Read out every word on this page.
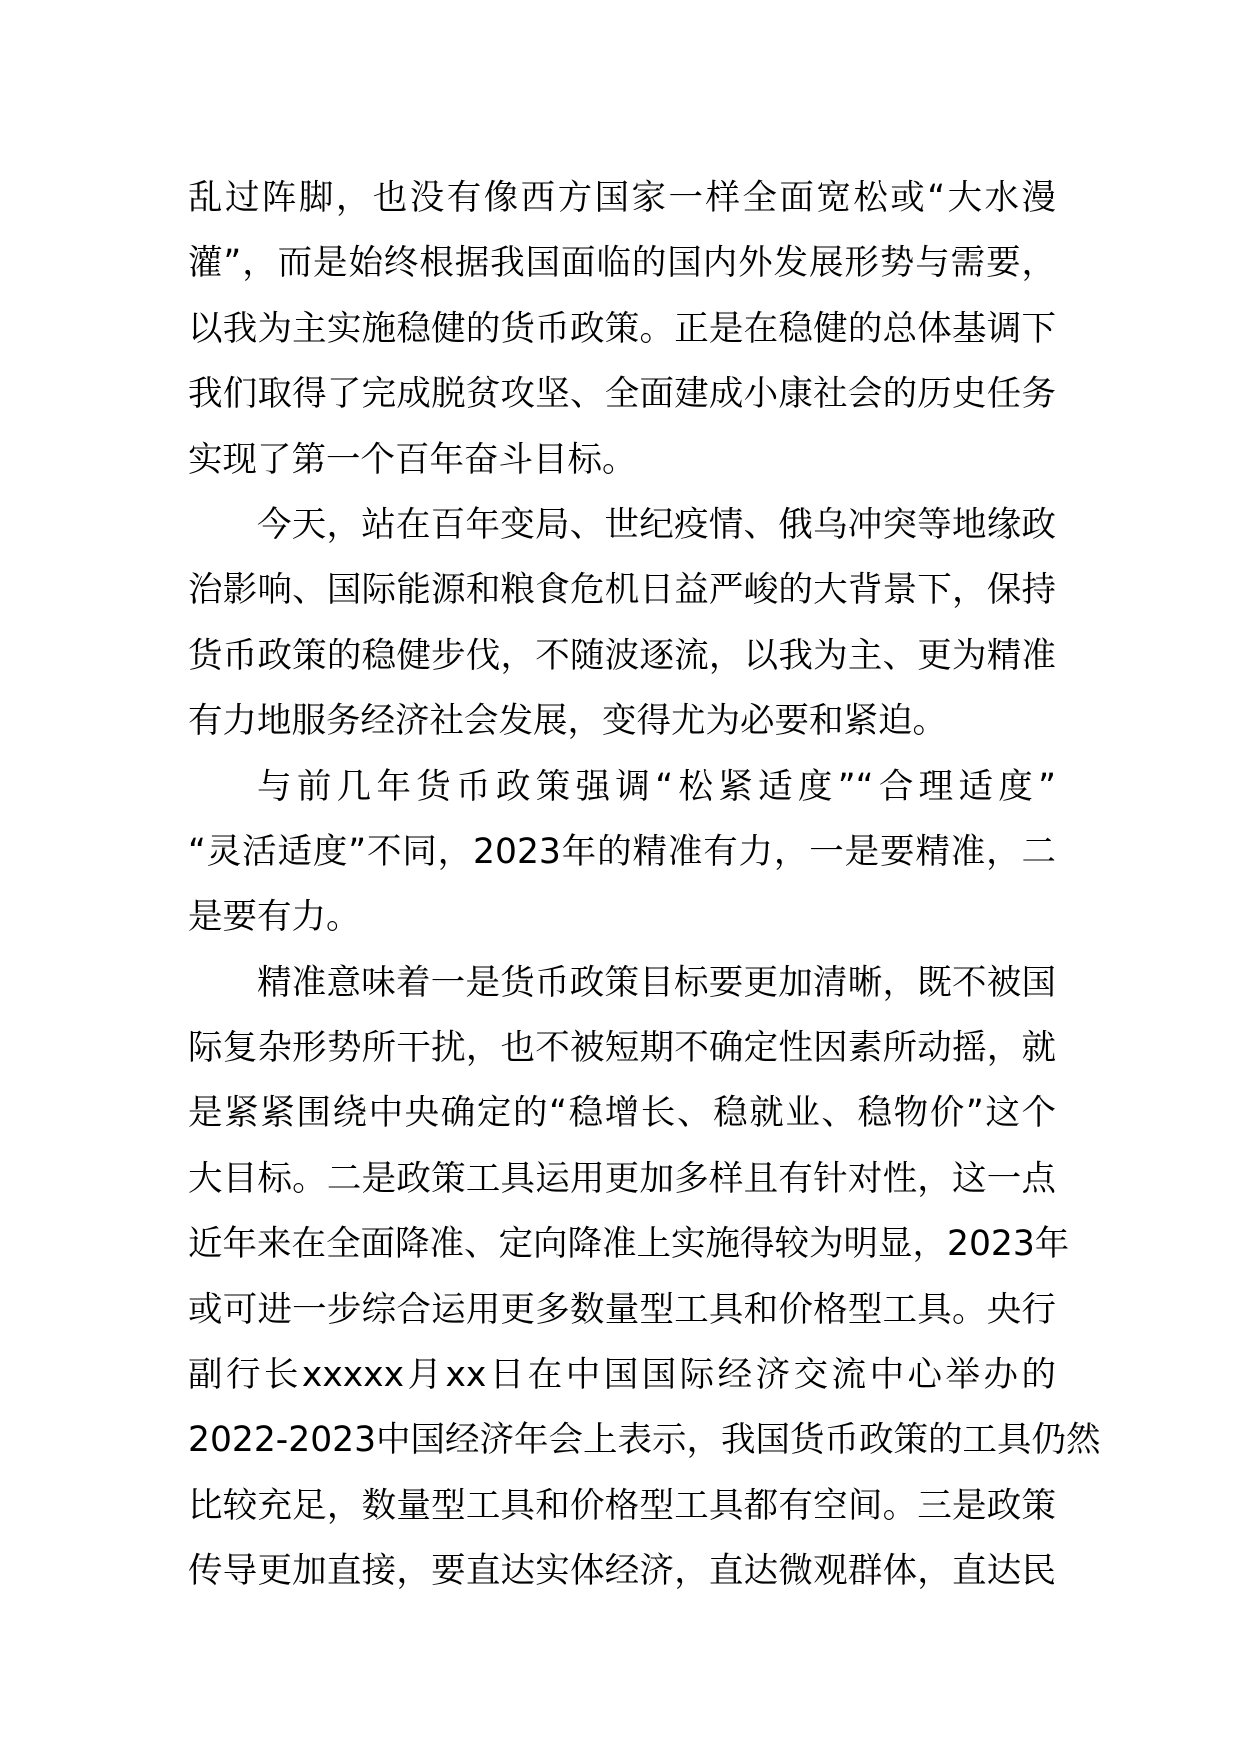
乱过阵脚，也没有像西方国家一样全面宽松或“大水漫
灌”，而是始终根据我国面临的国内外发展形势与需要，
以我为主实施稳健的货币政策。正是在稳健的总体基调下
我们取得了完成脱贫攻坚、全面建成小康社会的历史任务
实现了第一个百年奋斗目标。
今天，站在百年变局、世纪疫情、俄乌冲突等地缘政
治影响、国际能源和粮食危机日益严峻的大背景下，保持
货币政策的稳健步伐，不随波逐流，以我为主、更为精准
有力地服务经济社会发展，变得尤为必要和紧迫。
与前几年货币政策强调“松紧适度”“合理适度”
“灵活适度”不同，2023年的精准有力，一是要精准，二
是要有力。
精准意味着一是货币政策目标要更加清晰，既不被国
际复杂形势所干扰，也不被短期不确定性因素所动摇，就
是紧紧围绕中央确定的“稳增长、稳就业、稳物价”这个
大目标。二是政策工具运用更加多样且有针对性，这一点
近年来在全面降准、定向降准上实施得较为明显，2023年
或可进一步综合运用更多数量型工具和价格型工具。央行
副行长xxxxx月xx日在中国国际经济交流中心举办的
2022-2023中国经济年会上表示，我国货币政策的工具仍然
比较充足，数量型工具和价格型工具都有空间。三是政策
传导更加直接，要直达实体经济，直达微观群体，直达民
